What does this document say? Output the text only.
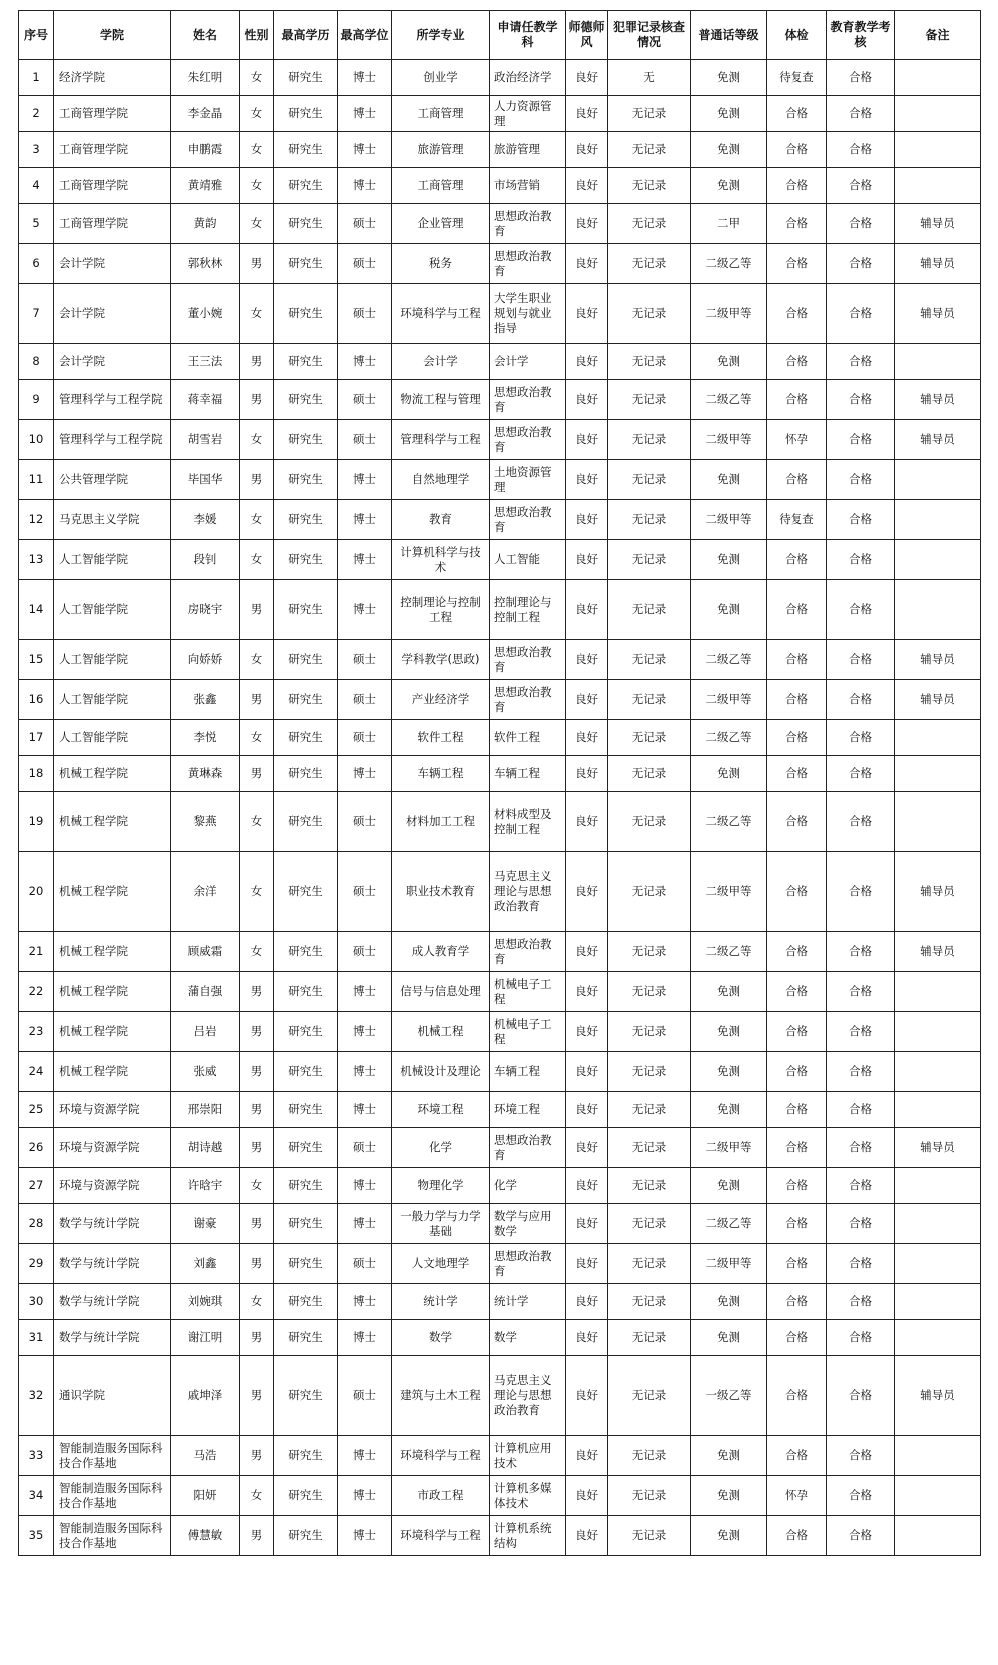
序号	学院	姓名	性别	最高学历	最高学位	所学专业	申请任教学科	师德师风	犯罪记录核查情况	普通话等级	体检	教育教学考核	备注
1	经济学院	朱红明	女	研究生	博士	创业学	政治经济学	良好	无	免测	待复查	合格	
2	工商管理学院	李金晶	女	研究生	博士	工商管理	人力资源管理	良好	无记录	免测	合格	合格	
3	工商管理学院	申鹏霞	女	研究生	博士	旅游管理	旅游管理	良好	无记录	免测	合格	合格	
4	工商管理学院	黄靖雅	女	研究生	博士	工商管理	市场营销	良好	无记录	免测	合格	合格	
5	工商管理学院	黄韵	女	研究生	硕士	企业管理	思想政治教育	良好	无记录	二甲	合格	合格	辅导员
6	会计学院	郭秋林	男	研究生	硕士	税务	思想政治教育	良好	无记录	二级乙等	合格	合格	辅导员
7	会计学院	董小婉	女	研究生	硕士	环境科学与工程	大学生职业规划与就业指导	良好	无记录	二级甲等	合格	合格	辅导员
8	会计学院	王三法	男	研究生	博士	会计学	会计学	良好	无记录	免测	合格	合格	
9	管理科学与工程学院	蒋幸福	男	研究生	硕士	物流工程与管理	思想政治教育	良好	无记录	二级乙等	合格	合格	辅导员
10	管理科学与工程学院	胡雪岩	女	研究生	硕士	管理科学与工程	思想政治教育	良好	无记录	二级甲等	怀孕	合格	辅导员
11	公共管理学院	毕国华	男	研究生	博士	自然地理学	土地资源管理	良好	无记录	免测	合格	合格	
12	马克思主义学院	李媛	女	研究生	博士	教育	思想政治教育	良好	无记录	二级甲等	待复查	合格	
13	人工智能学院	段钊	女	研究生	博士	计算机科学与技术	人工智能	良好	无记录	免测	合格	合格	
14	人工智能学院	房晓宇	男	研究生	博士	控制理论与控制工程	控制理论与控制工程	良好	无记录	免测	合格	合格	
15	人工智能学院	向娇娇	女	研究生	硕士	学科教学(思政)	思想政治教育	良好	无记录	二级乙等	合格	合格	辅导员
16	人工智能学院	张鑫	男	研究生	硕士	产业经济学	思想政治教育	良好	无记录	二级甲等	合格	合格	辅导员
17	人工智能学院	李悦	女	研究生	硕士	软件工程	软件工程	良好	无记录	二级乙等	合格	合格	
18	机械工程学院	黄琳森	男	研究生	博士	车辆工程	车辆工程	良好	无记录	免测	合格	合格	
19	机械工程学院	黎燕	女	研究生	硕士	材料加工工程	材料成型及控制工程	良好	无记录	二级乙等	合格	合格	
20	机械工程学院	余洋	女	研究生	硕士	职业技术教育	马克思主义理论与思想政治教育	良好	无记录	二级甲等	合格	合格	辅导员
21	机械工程学院	顾威霜	女	研究生	硕士	成人教育学	思想政治教育	良好	无记录	二级乙等	合格	合格	辅导员
22	机械工程学院	蒲自强	男	研究生	博士	信号与信息处理	机械电子工程	良好	无记录	免测	合格	合格	
23	机械工程学院	吕岩	男	研究生	博士	机械工程	机械电子工程	良好	无记录	免测	合格	合格	
24	机械工程学院	张威	男	研究生	博士	机械设计及理论	车辆工程	良好	无记录	免测	合格	合格	
25	环境与资源学院	邢崇阳	男	研究生	博士	环境工程	环境工程	良好	无记录	免测	合格	合格	
26	环境与资源学院	胡诗越	男	研究生	硕士	化学	思想政治教育	良好	无记录	二级甲等	合格	合格	辅导员
27	环境与资源学院	许晗宇	女	研究生	博士	物理化学	化学	良好	无记录	免测	合格	合格	
28	数学与统计学院	谢豪	男	研究生	博士	一般力学与力学基础	数学与应用数学	良好	无记录	二级乙等	合格	合格	
29	数学与统计学院	刘鑫	男	研究生	硕士	人文地理学	思想政治教育	良好	无记录	二级甲等	合格	合格	
30	数学与统计学院	刘婉琪	女	研究生	博士	统计学	统计学	良好	无记录	免测	合格	合格	
31	数学与统计学院	谢江明	男	研究生	博士	数学	数学	良好	无记录	免测	合格	合格	
32	通识学院	戚坤泽	男	研究生	硕士	建筑与土木工程	马克思主义理论与思想政治教育	良好	无记录	一级乙等	合格	合格	辅导员
33	智能制造服务国际科技合作基地	马浩	男	研究生	博士	环境科学与工程	计算机应用技术	良好	无记录	免测	合格	合格	
34	智能制造服务国际科技合作基地	阳妍	女	研究生	博士	市政工程	计算机多媒体技术	良好	无记录	免测	怀孕	合格	
35	智能制造服务国际科技合作基地	傅慧敏	男	研究生	博士	环境科学与工程	计算机系统结构	良好	无记录	免测	合格	合格	
